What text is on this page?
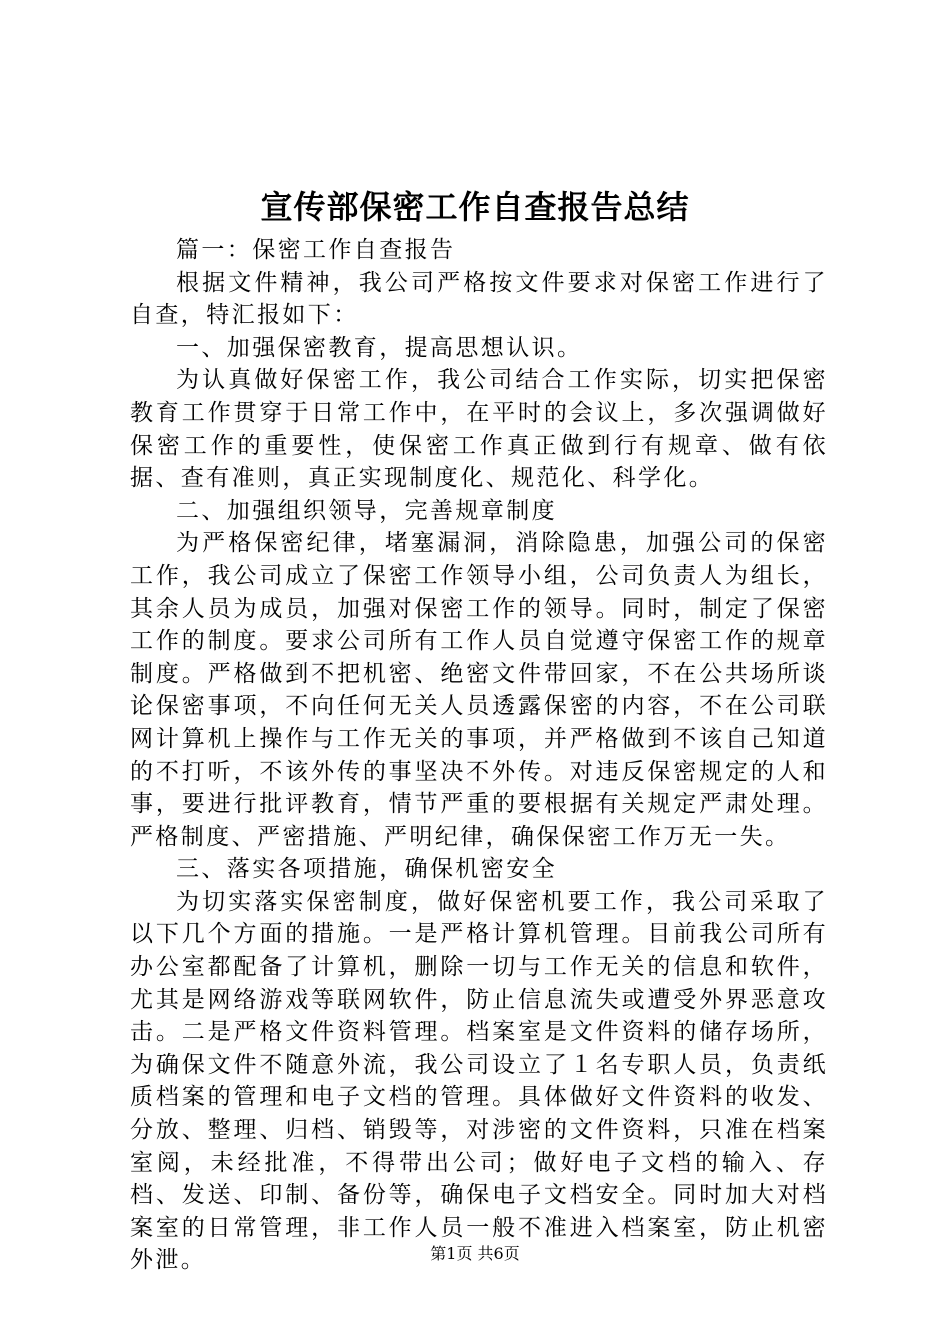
宣传部保密工作自查报告总结

篇一：保密工作自查报告

根据文件精神，我公司严格按文件要求对保密工作进行了自查，特汇报如下：

一、加强保密教育，提高思想认识。

为认真做好保密工作，我公司结合工作实际，切实把保密教育工作贯穿于日常工作中，在平时的会议上，多次强调做好保密工作的重要性，使保密工作真正做到行有规章、做有依据、查有准则，真正实现制度化、规范化、科学化。

二、加强组织领导，完善规章制度

为严格保密纪律，堵塞漏洞，消除隐患，加强公司的保密工作，我公司成立了保密工作领导小组，公司负责人为组长，其余人员为成员，加强对保密工作的领导。同时，制定了保密工作的制度。要求公司所有工作人员自觉遵守保密工作的规章制度。严格做到不把机密、绝密文件带回家，不在公共场所谈论保密事项，不向任何无关人员透露保密的内容，不在公司联网计算机上操作与工作无关的事项，并严格做到不该自己知道的不打听，不该外传的事坚决不外传。对违反保密规定的人和事，要进行批评教育，情节严重的要根据有关规定严肃处理。严格制度、严密措施、严明纪律，确保保密工作万无一失。

三、落实各项措施，确保机密安全

为切实落实保密制度，做好保密机要工作，我公司采取了以下几个方面的措施。一是严格计算机管理。目前我公司所有办公室都配备了计算机，删除一切与工作无关的信息和软件，尤其是网络游戏等联网软件，防止信息流失或遭受外界恶意攻击。二是严格文件资料管理。档案室是文件资料的储存场所，为确保文件不随意外流，我公司设立了１名专职人员，负责纸质档案的管理和电子文档的管理。具体做好文件资料的收发、分放、整理、归档、销毁等，对涉密的文件资料，只准在档案室阅，未经批准，不得带出公司；做好电子文档的输入、存档、发送、印制、备份等，确保电子文档安全。同时加大对档案室的日常管理，非工作人员一般不准进入档案室，防止机密外泄。	第1页 共6页
